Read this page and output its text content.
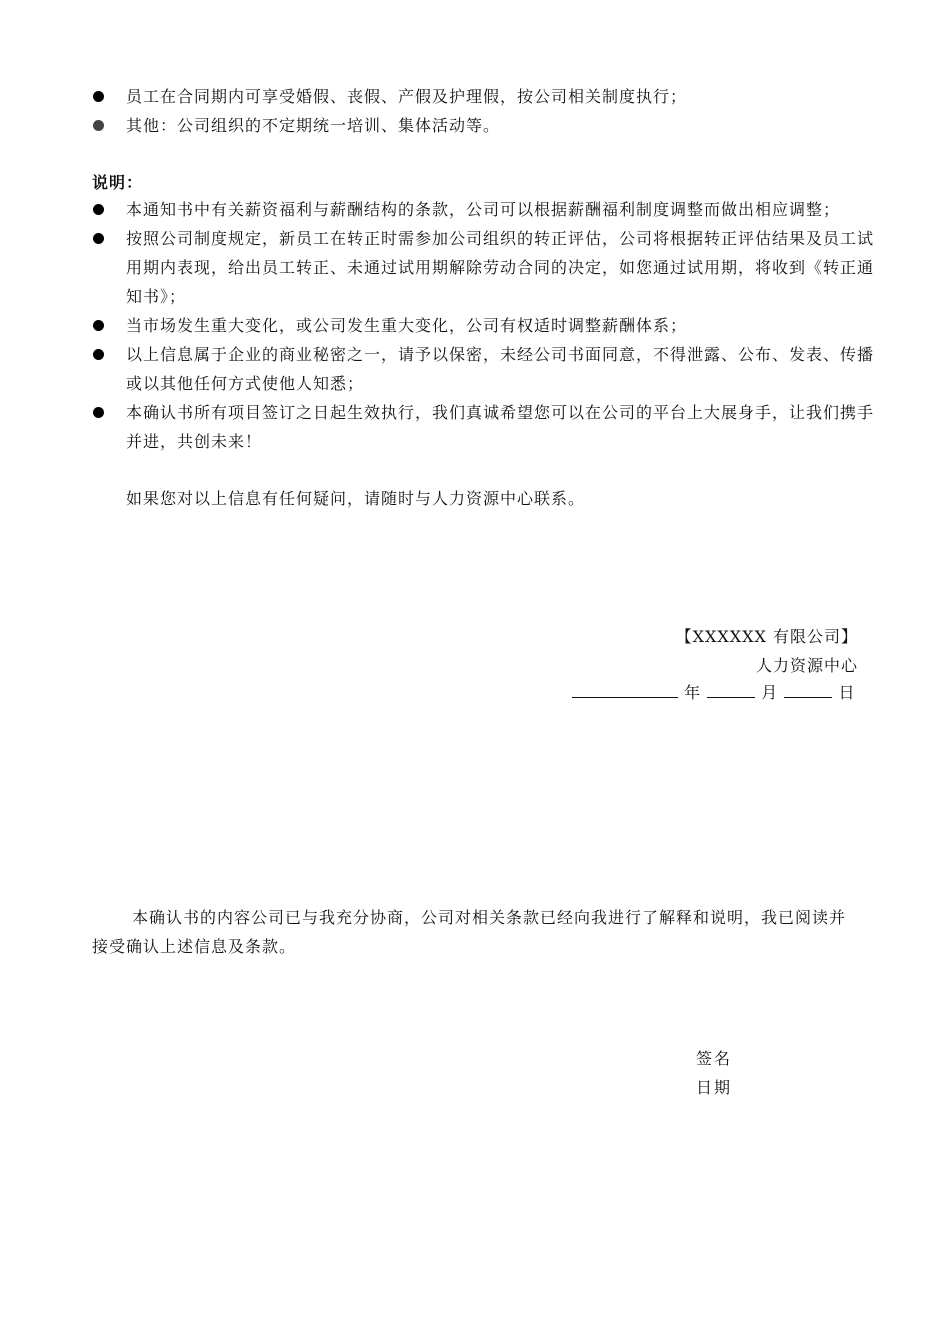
员工在合同期内可享受婚假、丧假、产假及护理假，按公司相关制度执行；
其他：公司组织的不定期统一培训、集体活动等。
说明：
本通知书中有关薪资福利与薪酬结构的条款，公司可以根据薪酬福利制度调整而做出相应调整；
按照公司制度规定，新员工在转正时需参加公司组织的转正评估，公司将根据转正评估结果及员工试用期内表现，给出员工转正、未通过试用期解除劳动合同的决定，如您通过试用期，将收到《转正通知书》；
当市场发生重大变化，或公司发生重大变化，公司有权适时调整薪酬体系；
以上信息属于企业的商业秘密之一，请予以保密，未经公司书面同意，不得泄露、公布、发表、传播或以其他任何方式使他人知悉；
本确认书所有项目签订之日起生效执行，我们真诚希望您可以在公司的平台上大展身手，让我们携手并进，共创未来！
如果您对以上信息有任何疑问，请随时与人力资源中心联系。
【XXXXXX 有限公司】
人力资源中心
年	月	日

本确认书的内容公司已与我充分协商，公司对相关条款已经向我进行了解释和说明，我已阅读并接受确认上述信息及条款。

签名
日期
